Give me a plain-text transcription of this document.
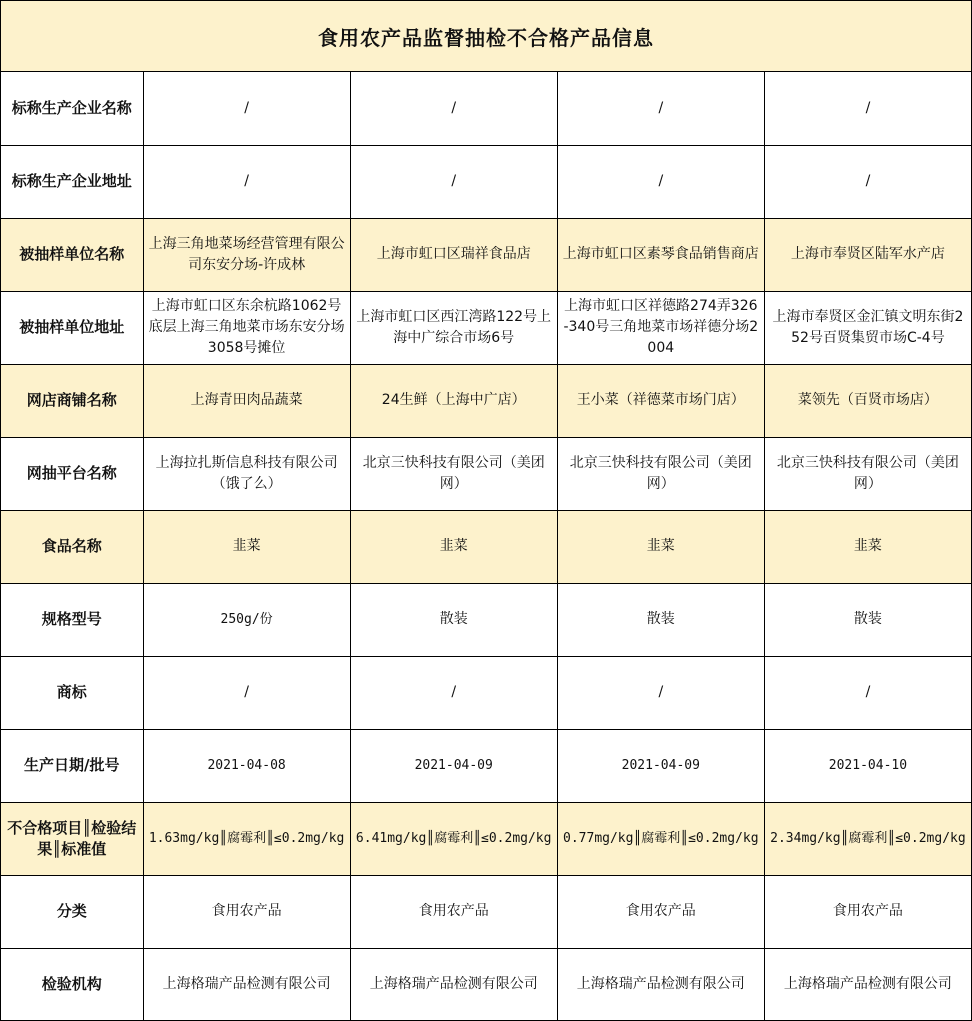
食用农产品监督抽检不合格产品信息
标称生产企业名称	/	/	/	/
标称生产企业地址	/	/	/	/
被抽样单位名称	上海三角地菜场经营管理有限公司东安分场-许成林	上海市虹口区瑞祥食品店	上海市虹口区素琴食品销售商店	上海市奉贤区陆军水产店
被抽样单位地址	上海市虹口区东余杭路1062号底层上海三角地菜市场东安分场3058号摊位	上海市虹口区西江湾路122号上海中广综合市场6号	上海市虹口区祥德路274弄326-340号三角地菜市场祥德分场2004	上海市奉贤区金汇镇文明东街252号百贤集贸市场C-4号
网店商铺名称	上海青田肉品蔬菜	24生鲜（上海中广店）	王小菜（祥德菜市场门店）	菜领先（百贤市场店）
网抽平台名称	上海拉扎斯信息科技有限公司（饿了么）	北京三快科技有限公司（美团网）	北京三快科技有限公司（美团网）	北京三快科技有限公司（美团网）
食品名称	韭菜	韭菜	韭菜	韭菜
规格型号	250g/份	散装	散装	散装
商标	/	/	/	/
生产日期/批号	2021-04-08	2021-04-09	2021-04-09	2021-04-10
不合格项目║检验结果║标准值	1.63mg/kg║腐霉利║≤0.2mg/kg	6.41mg/kg║腐霉利║≤0.2mg/kg	0.77mg/kg║腐霉利║≤0.2mg/kg	2.34mg/kg║腐霉利║≤0.2mg/kg
分类	食用农产品	食用农产品	食用农产品	食用农产品
检验机构	上海格瑞产品检测有限公司	上海格瑞产品检测有限公司	上海格瑞产品检测有限公司	上海格瑞产品检测有限公司
